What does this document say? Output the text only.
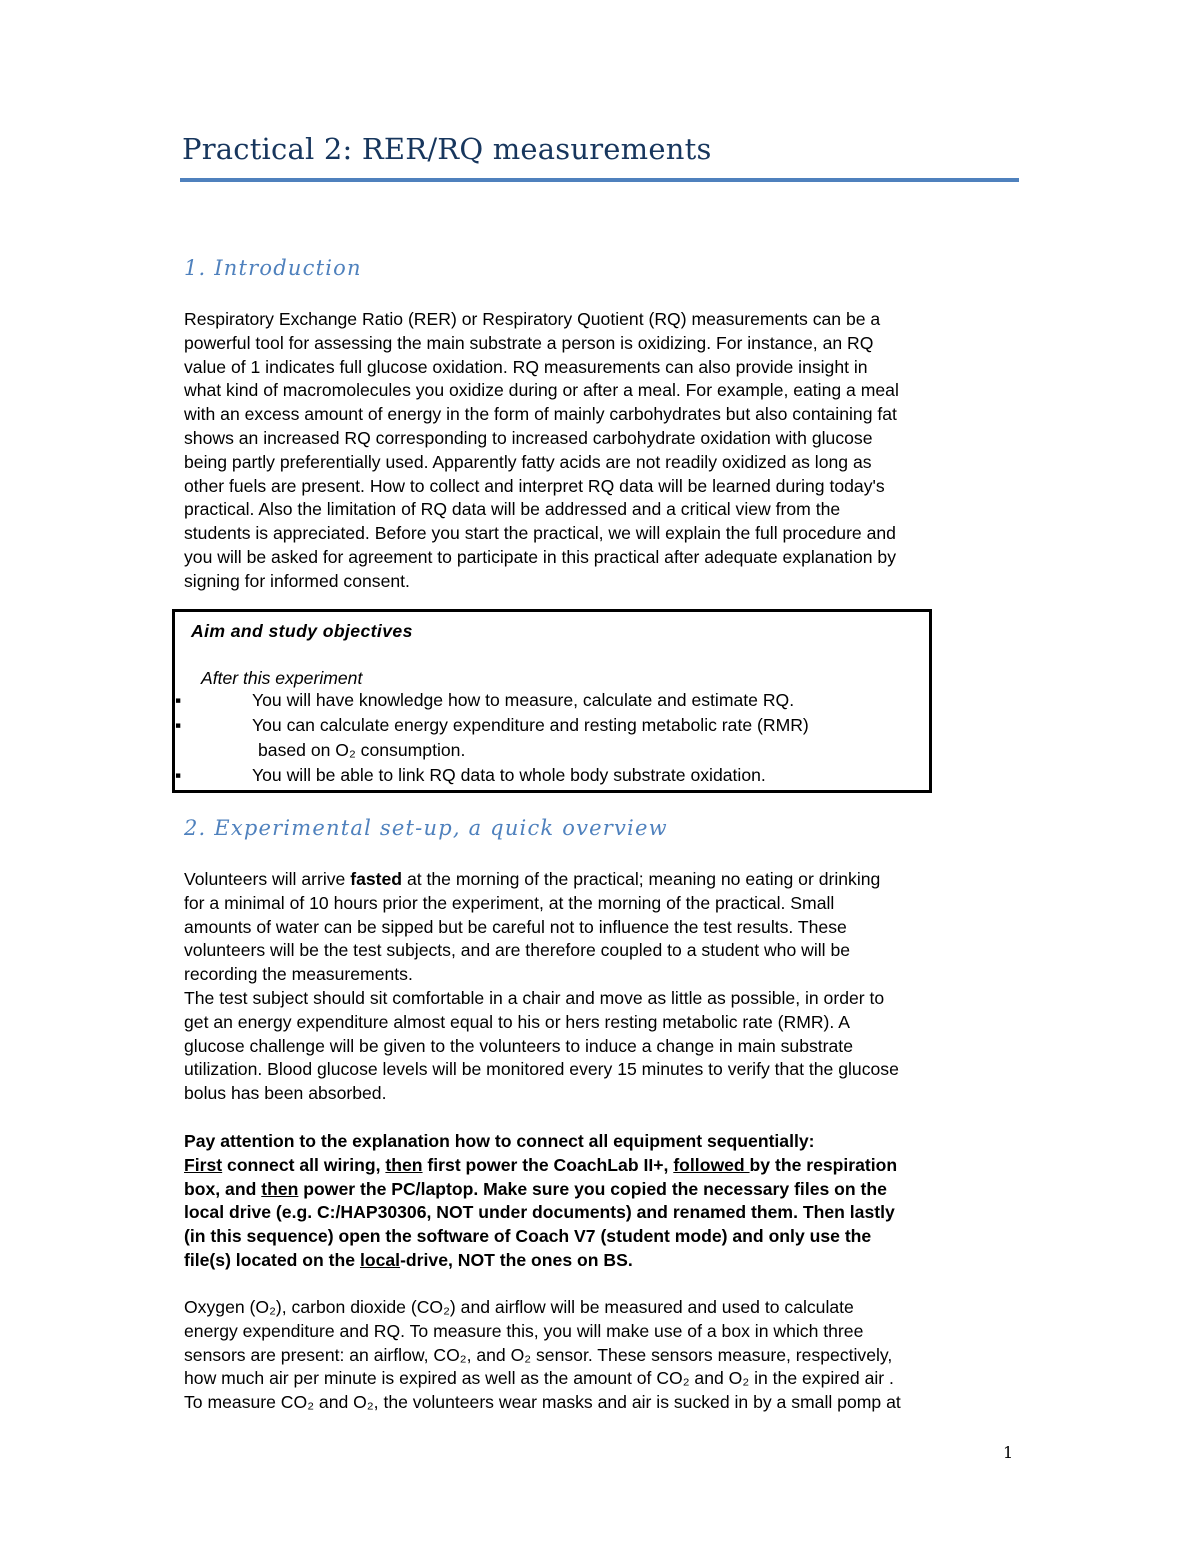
Practical 2: RER/RQ measurements
1. Introduction
Respiratory Exchange Ratio (RER) or Respiratory Quotient (RQ) measurements can be a
powerful tool for assessing the main substrate a person is oxidizing. For instance, an RQ
value of 1 indicates full glucose oxidation. RQ measurements can also provide insight in
what kind of macromolecules you oxidize during or after a meal. For example, eating a meal
with an excess amount of energy in the form of mainly carbohydrates but also containing fat
shows an increased RQ corresponding to increased carbohydrate oxidation with glucose
being partly preferentially used. Apparently fatty acids are not readily oxidized as long as
other fuels are present. How to collect and interpret RQ data will be learned during today's
practical. Also the limitation of RQ data will be addressed and a critical view from the
students is appreciated. Before you start the practical, we will explain the full procedure and
you will be asked for agreement to participate in this practical after adequate explanation by
signing for informed consent.
Aim and study objectives
After this experiment
▪	You will have knowledge how to measure, calculate and estimate RQ.
▪	You can calculate energy expenditure and resting metabolic rate (RMR)
based on O₂ consumption.
▪	You will be able to link RQ data to whole body substrate oxidation.
2. Experimental set-up, a quick overview
Volunteers will arrive fasted at the morning of the practical; meaning no eating or drinking
for a minimal of 10 hours prior the experiment, at the morning of the practical. Small
amounts of water can be sipped but be careful not to influence the test results. These
volunteers will be the test subjects, and are therefore coupled to a student who will be
recording the measurements.
The test subject should sit comfortable in a chair and move as little as possible, in order to
get an energy expenditure almost equal to his or hers resting metabolic rate (RMR). A
glucose challenge will be given to the volunteers to induce a change in main substrate
utilization. Blood glucose levels will be monitored every 15 minutes to verify that the glucose
bolus has been absorbed.
Pay attention to the explanation how to connect all equipment sequentially:
First connect all wiring, then first power the CoachLab II+, followed by the respiration
box, and then power the PC/laptop. Make sure you copied the necessary files on the
local drive (e.g. C:/HAP30306, NOT under documents) and renamed them. Then lastly
(in this sequence) open the software of Coach V7 (student mode) and only use the
file(s) located on the local-drive, NOT the ones on BS.
Oxygen (O₂), carbon dioxide (CO₂) and airflow will be measured and used to calculate
energy expenditure and RQ. To measure this, you will make use of a box in which three
sensors are present: an airflow, CO₂, and O₂ sensor. These sensors measure, respectively,
how much air per minute is expired as well as the amount of CO₂ and O₂ in the expired air .
To measure CO₂ and O₂, the volunteers wear masks and air is sucked in by a small pomp at
1
